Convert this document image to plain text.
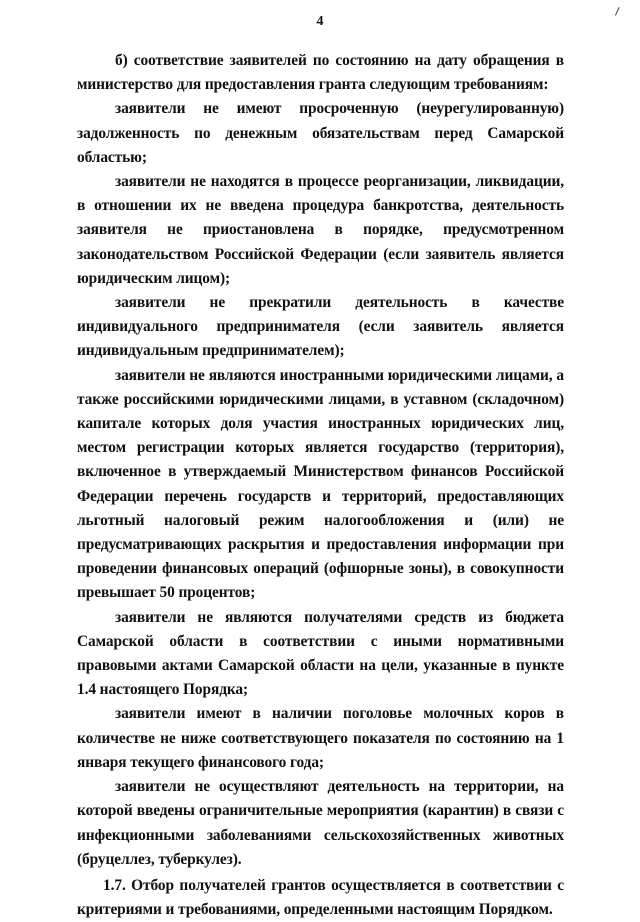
4

б) соответствие заявителей по состоянию на дату обращения в министерство для предоставления гранта следующим требованиям:

заявители не имеют просроченную (неурегулированную) задолженность по денежным обязательствам перед Самарской областью;

заявители не находятся в процессе реорганизации, ликвидации, в отношении их не введена процедура банкротства, деятельность заявителя не приостановлена в порядке, предусмотренном законодательством Российской Федерации (если заявитель является юридическим лицом);

заявители не прекратили деятельность в качестве индивидуального предпринимателя (если заявитель является индивидуальным предпринимателем);

заявители не являются иностранными юридическими лицами, а также российскими юридическими лицами, в уставном (складочном) капитале которых доля участия иностранных юридических лиц, местом регистрации которых является государство (территория), включенное в утверждаемый Министерством финансов Российской Федерации перечень государств и территорий, предоставляющих льготный налоговый режим налогообложения и (или) не предусматривающих раскрытия и предоставления информации при проведении финансовых операций (офшорные зоны), в совокупности превышает 50 процентов;

заявители не являются получателями средств из бюджета Самарской области в соответствии с иными нормативными правовыми актами Самарской области на цели, указанные в пункте 1.4 настоящего Порядка;

заявители имеют в наличии поголовье молочных коров в количестве не ниже соответствующего показателя по состоянию на 1 января текущего финансового года;

заявители не осуществляют деятельность на территории, на которой введены ограничительные мероприятия (карантин) в связи с инфекционными заболеваниями сельскохозяйственных животных (бруцеллез, туберкулез).

1.7. Отбор получателей грантов осуществляется в соответствии с критериями и требованиями, определенными настоящим Порядком.
